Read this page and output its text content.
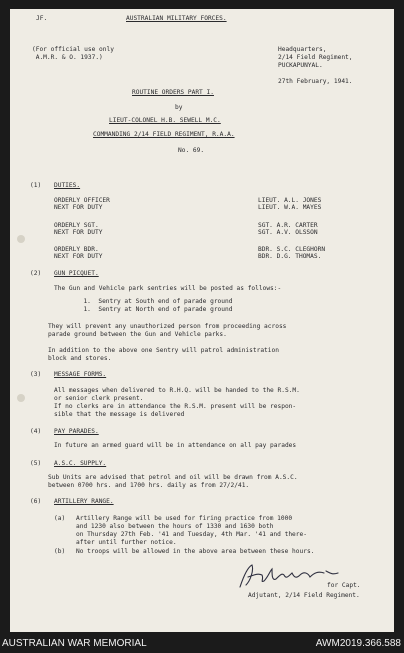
JF.	AUSTRALIAN MILITARY FORCES.
(For official use only
A.M.R. & O. 1937.)
Headquarters,
2/14 Field Regiment,
PUCKAPUNYAL.
27th February, 1941.
ROUTINE ORDERS PART I.
by
LIEUT-COLONEL H.B. SEWELL M.C.
COMMANDING 2/14 FIELD REGIMENT, R.A.A.
No. 69.
(1) DUTIES.
ORDERLY OFFICER
NEXT FOR DUTY
LIEUT. A.L. JONES
LIEUT. W.A. MAYES
ORDERLY SGT.
NEXT FOR DUTY
SGT. A.R. CARTER
SGT. A.V. OLSSON
ORDERLY BDR.
NEXT FOR DUTY
BDR. S.C. CLEGHORN
BDR. D.G. THOMAS.
(2) GUN PICQUET.
The Gun and Vehicle park sentries will be posted as follows:-
1.  Sentry at South end of parade ground
1.  Sentry at North end of parade ground
They will prevent any unauthorized person from proceeding across
parade ground between the Gun and Vehicle parks.
In addition to the above one Sentry will patrol administration
block and stores.
(3) MESSAGE FORMS.
All messages when delivered to R.H.Q. will be handed to the R.S.M.
or senior clerk present.
If no clerks are in attendance the R.S.M. present will be respon-
sible that the message is delivered
(4) PAY PARADES.
In future an armed guard will be in attendance on all pay parades
(5) A.S.C. SUPPLY.
Sub Units are advised that petrol and oil will be drawn from A.S.C.
between 0700 hrs. and 1700 hrs. daily as from 27/2/41.
(6) ARTILLERY RANGE.
(a) Artillery Range will be used for firing practice from 1000
and 1230 also between the hours of 1330 and 1630 both
on Thursday 27th Feb. '41 and Tuesday, 4th Mar. '41 and there-
after until further notice.
(b) No troops will be allowed in the above area between these hours.
for Capt.
Adjutant, 2/14 Field Regiment.
AUSTRALIAN WAR MEMORIAL	AWM2019.366.588
